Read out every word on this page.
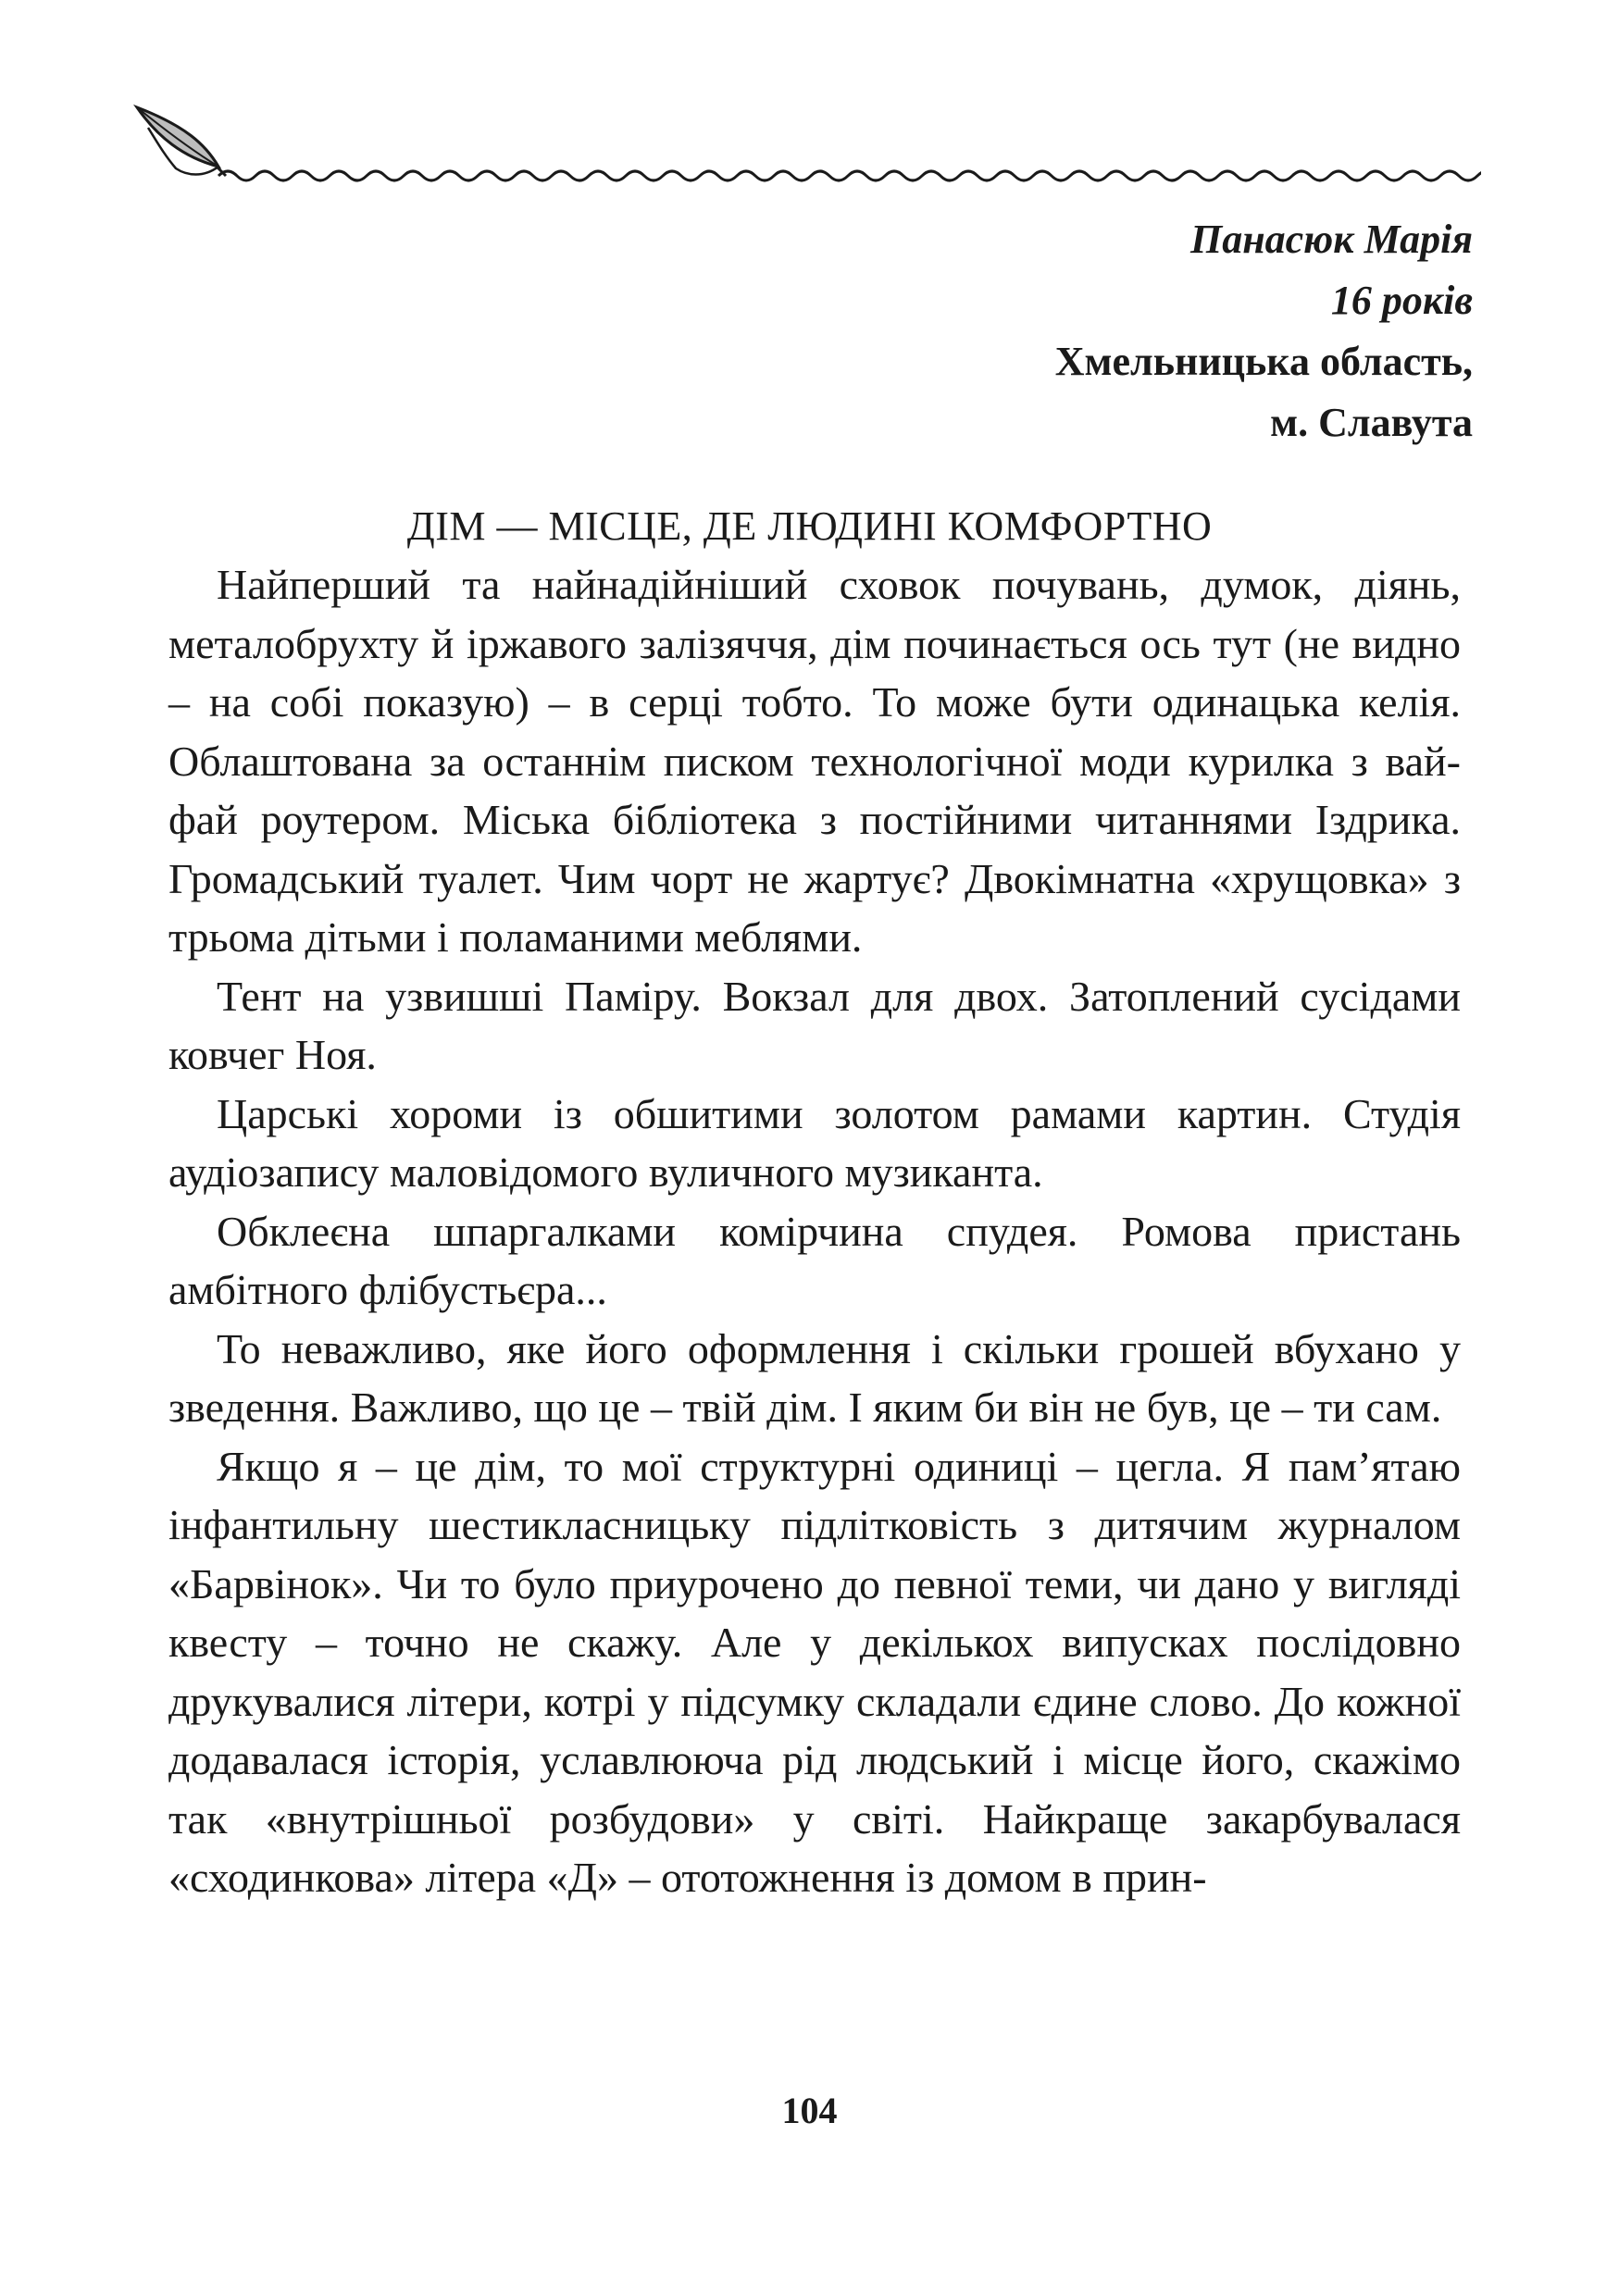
Панасюк Марія
16 років
Хмельницька область,
м. Славута
ДІМ — МІСЦЕ, ДЕ ЛЮДИНІ КОМФОРТНО

Найперший та найнадійніший сховок почувань, думок, діянь, металобрухту й іржавого залізяччя, дім починається ось тут (не видно – на собі показую) – в серці тобто. То може бути одинацька келія. Облаштована за останнім писком технологічної моди курилка з вай-фай роутером. Міська бібліотека з постійними читаннями Іздрика. Громадський туалет. Чим чорт не жартує? Двокімнатна «хрущовка» з трьома дітьми і поламаними меблями.

Тент на узвишші Паміру. Вокзал для двох. Затоплений сусідами ковчег Ноя.

Царські хороми із обшитими золотом рамами картин. Студія аудіозапису маловідомого вуличного музиканта.

Обклеєна шпаргалками комірчина спудея. Ромова пристань амбітного флібустьєра...

То неважливо, яке його оформлення і скільки грошей вбухано у зведення. Важливо, що це – твій дім. І яким би він не був, це – ти сам.

Якщо я – це дім, то мої структурні одиниці – цегла. Я пам’ятаю інфантильну шестикласницьку підлітковість з дитячим журналом «Барвінок». Чи то було приурочено до певної теми, чи дано у вигляді квесту – точно не скажу. Але у декількох випусках послідовно друкувалися літери, котрі у підсумку складали єдине слово. До кожної додавалася історія, уславлююча рід людський і місце його, скажімо так «внутрішньої розбудови» у світі. Найкраще закарбувалася «сходинкова» літера «Д» – ототожнення із домом в прин-

104
